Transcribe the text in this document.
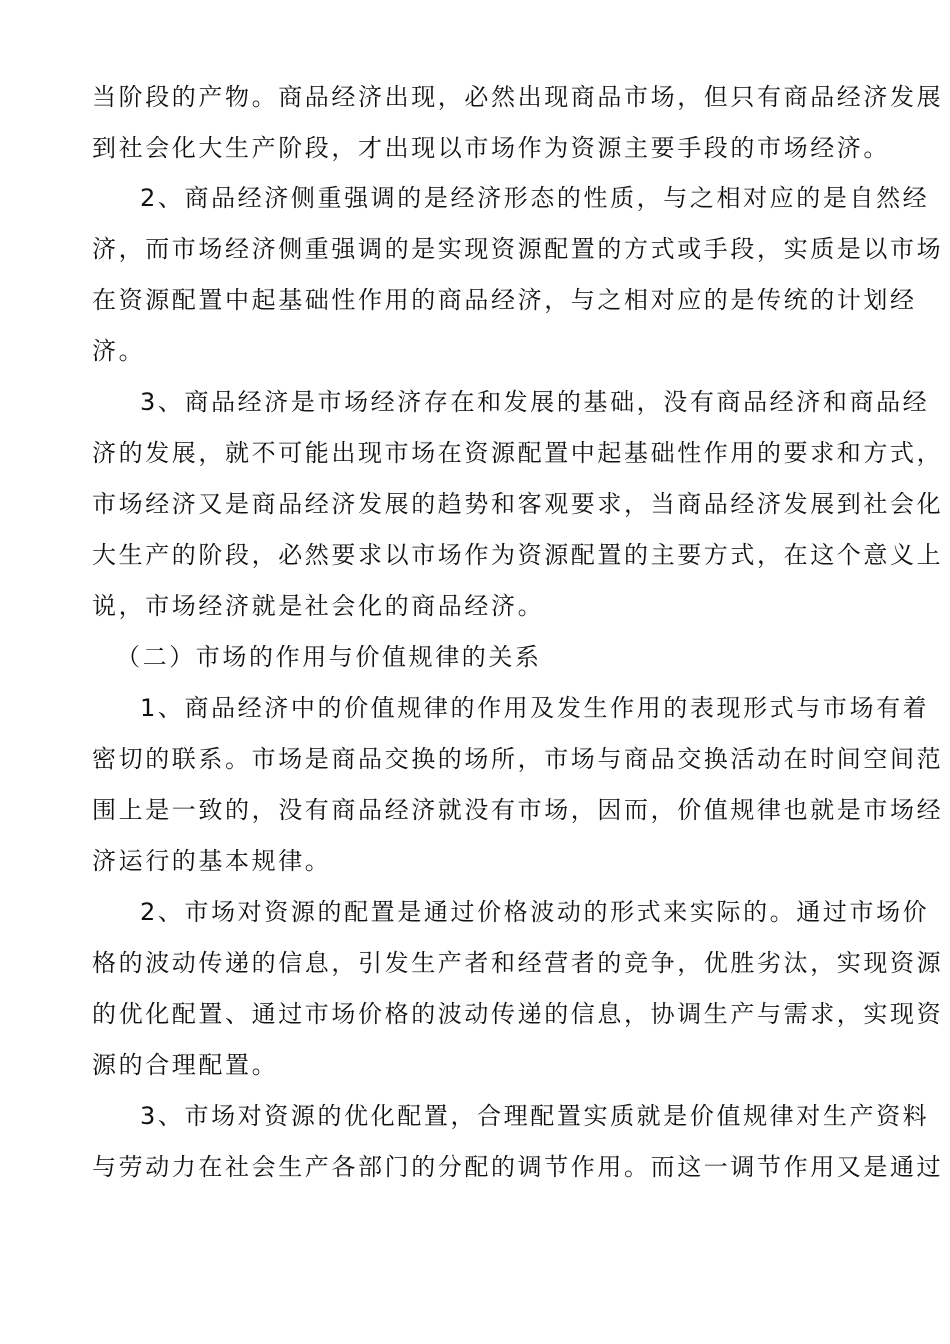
当阶段的产物。商品经济出现，必然出现商品市场，但只有商品经济发展
到社会化大生产阶段，才出现以市场作为资源主要手段的市场经济。
2、商品经济侧重强调的是经济形态的性质，与之相对应的是自然经
济，而市场经济侧重强调的是实现资源配置的方式或手段，实质是以市场
在资源配置中起基础性作用的商品经济，与之相对应的是传统的计划经
济。
3、商品经济是市场经济存在和发展的基础，没有商品经济和商品经
济的发展，就不可能出现市场在资源配置中起基础性作用的要求和方式，
市场经济又是商品经济发展的趋势和客观要求，当商品经济发展到社会化
大生产的阶段，必然要求以市场作为资源配置的主要方式，在这个意义上
说，市场经济就是社会化的商品经济。
（二）市场的作用与价值规律的关系
1、商品经济中的价值规律的作用及发生作用的表现形式与市场有着
密切的联系。市场是商品交换的场所，市场与商品交换活动在时间空间范
围上是一致的，没有商品经济就没有市场，因而，价值规律也就是市场经
济运行的基本规律。
2、市场对资源的配置是通过价格波动的形式来实际的。通过市场价
格的波动传递的信息，引发生产者和经营者的竞争，优胜劣汰，实现资源
的优化配置、通过市场价格的波动传递的信息，协调生产与需求，实现资
源的合理配置。
3、市场对资源的优化配置，合理配置实质就是价值规律对生产资料
与劳动力在社会生产各部门的分配的调节作用。而这一调节作用又是通过
